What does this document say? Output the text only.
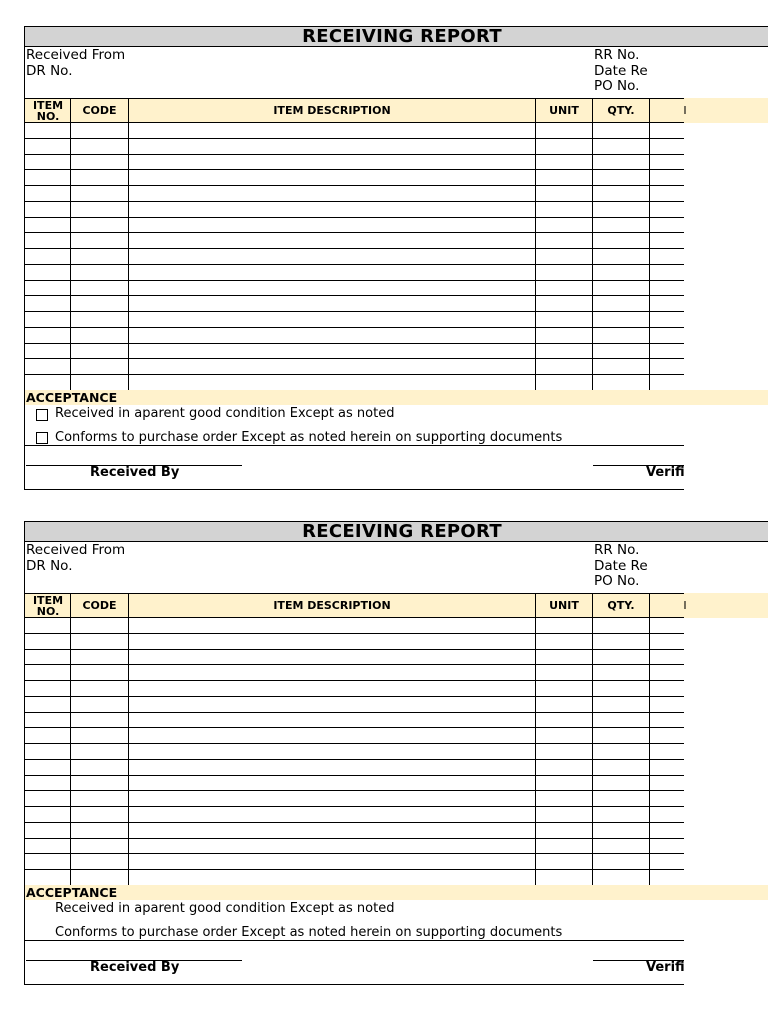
RECEIVING REPORT
Received From
DR No.
RR No.
Date Re
PO No.
ITEM NO.	CODE	ITEM DESCRIPTION	UNIT	QTY.	I
ACCEPTANCE
Received in aparent good condition Except as noted
Conforms to purchase order Except as noted herein on supporting documents
Received By	Verifi
RECEIVING REPORT
Received From
DR No.
RR No.
Date Re
PO No.
ITEM NO.	CODE	ITEM DESCRIPTION	UNIT	QTY.	I
ACCEPTANCE
Received in aparent good condition Except as noted
Conforms to purchase order Except as noted herein on supporting documents
Received By	Verifi
